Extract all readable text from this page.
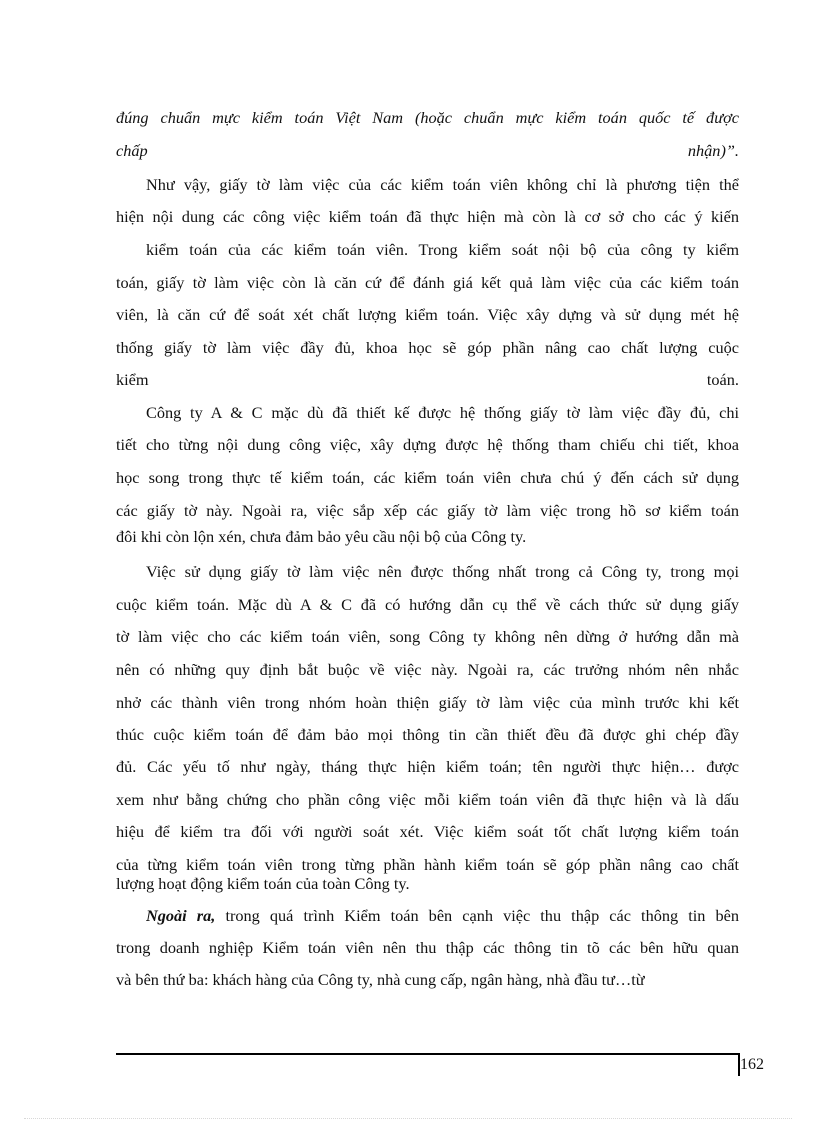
đúng chuẩn mực kiểm toán Việt Nam (hoặc chuẩn mực kiểm toán quốc tế được
chấp	nhận)”.
Như vậy, giấy tờ làm việc của các kiểm toán viên không chỉ là phương tiện thể
hiện nội dung các công việc kiểm toán đã thực hiện mà còn là cơ sở cho các ý kiến
kiểm toán của các kiểm toán viên. Trong kiểm soát nội bộ của công ty kiểm
toán, giấy tờ làm việc còn là căn cứ để đánh giá kết quả làm việc của các kiểm toán
viên, là căn cứ để soát xét chất lượng kiểm toán. Việc xây dựng và sử dụng mét hệ
thống giấy tờ làm việc đầy đủ, khoa học sẽ góp phần nâng cao chất lượng cuộc
kiểm	toán.
Công ty A & C mặc dù đã thiết kế được hệ thống giấy tờ làm việc đầy đủ, chi
tiết cho từng nội dung công việc, xây dựng được hệ thống tham chiếu chi tiết, khoa
học song trong thực tế kiểm toán, các kiểm toán viên chưa chú ý đến cách sử dụng
các giấy tờ này. Ngoài ra, việc sắp xếp các giấy tờ làm việc trong hồ sơ kiểm toán
đôi khi còn lộn xén, chưa đảm bảo yêu cầu nội bộ của Công ty.
Việc sử dụng giấy tờ làm việc nên được thống nhất trong cả Công ty, trong mọi
cuộc kiểm toán. Mặc dù A & C đã có hướng dẫn cụ thể về cách thức sử dụng giấy
tờ làm việc cho các kiểm toán viên, song Công ty không nên dừng ở hướng dẫn mà
nên có những quy định bắt buộc về việc này. Ngoài ra, các trưởng nhóm nên nhắc
nhở các thành viên trong nhóm hoàn thiện giấy tờ làm việc của mình trước khi kết
thúc cuộc kiểm toán để đảm bảo mọi thông tin cần thiết đều đã được ghi chép đầy
đủ. Các yếu tố như ngày, tháng thực hiện kiểm toán; tên người thực hiện… được
xem như bằng chứng cho phần công việc mỗi kiểm toán viên đã thực hiện và là dấu
hiệu để kiểm tra đối với người soát xét. Việc kiểm soát tốt chất lượng kiểm toán
của từng kiểm toán viên trong từng phần hành kiểm toán sẽ góp phần nâng cao chất
lượng hoạt động kiểm toán của toàn Công ty.
Ngoài ra, trong quá trình Kiểm toán bên cạnh việc thu thập các thông tin bên
trong doanh nghiệp Kiểm toán viên nên thu thập các thông tin tõ các bên hữu quan
và bên thứ ba: khách hàng của Công ty, nhà cung cấp, ngân hàng, nhà đầu tư…từ
162
